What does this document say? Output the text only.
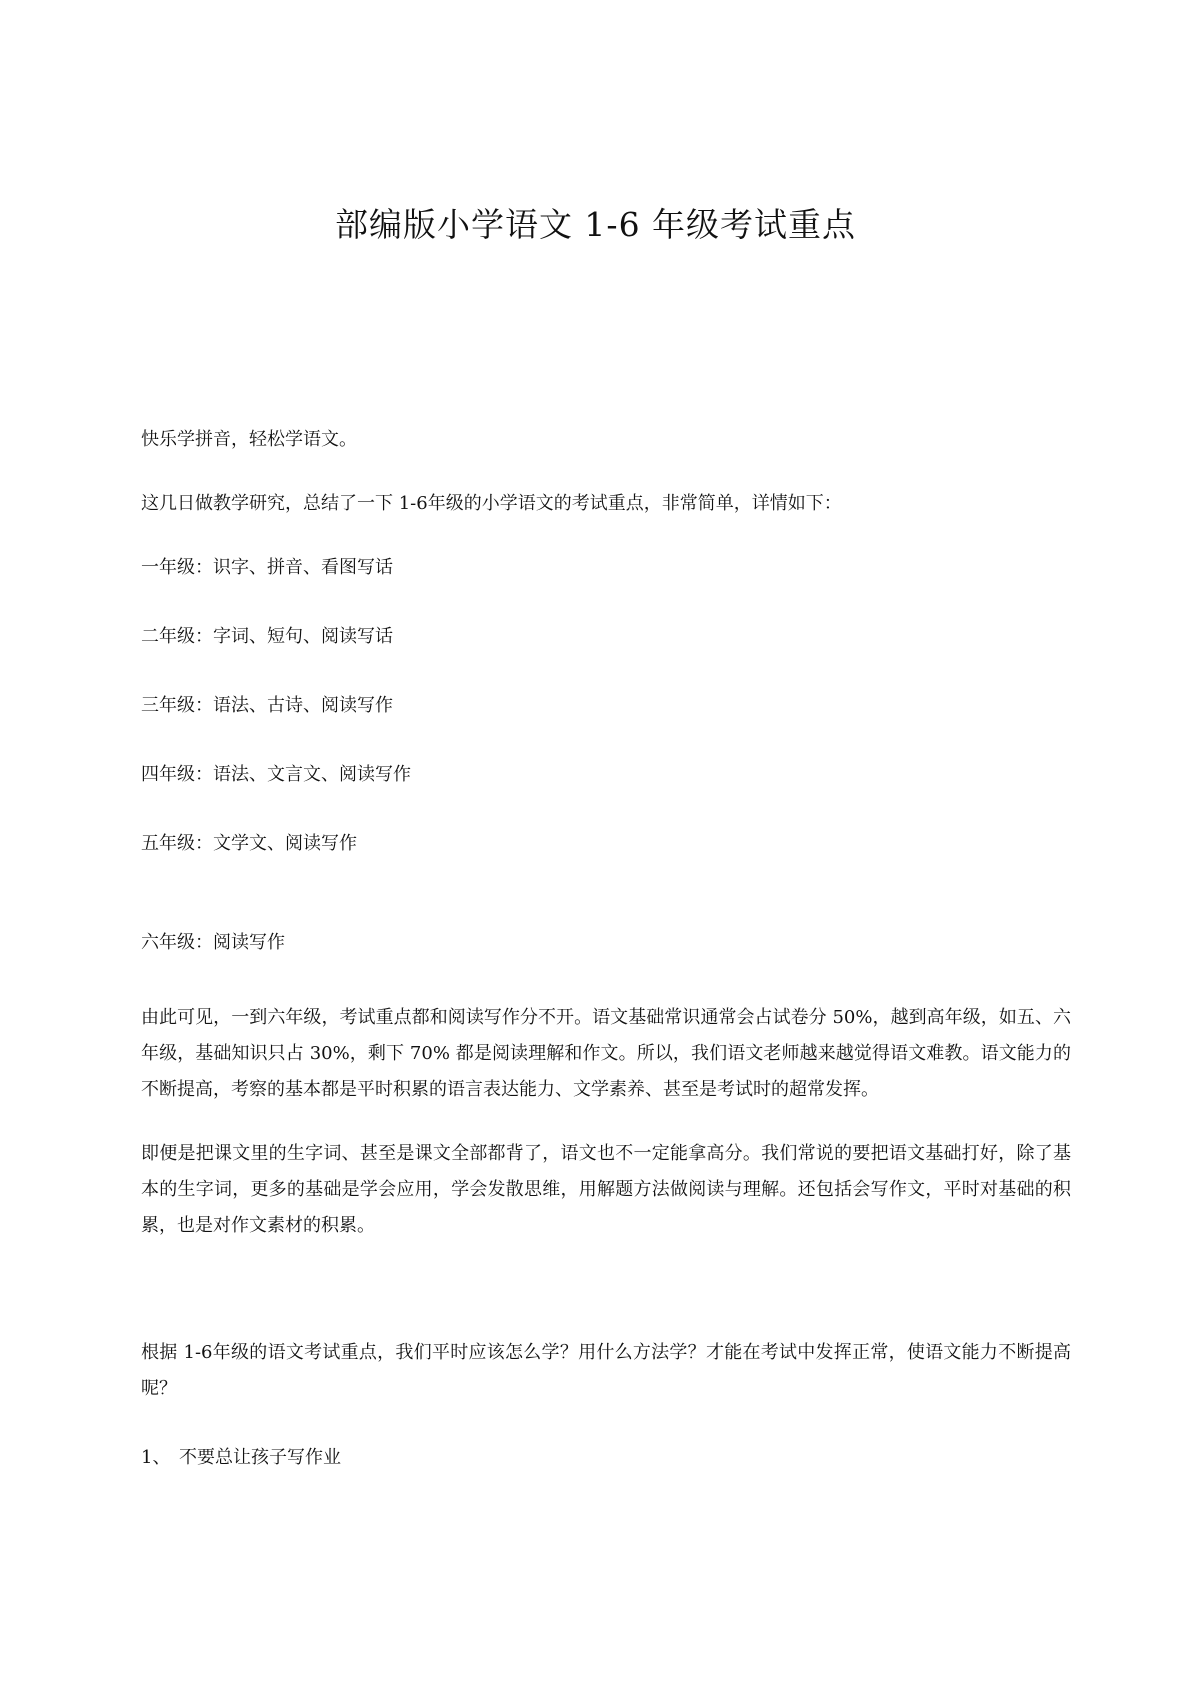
部编版小学语文 1-6 年级考试重点

快乐学拼音，轻松学语文。

这几日做教学研究，总结了一下 1-6年级的小学语文的考试重点，非常简单，详情如下：

一年级：识字、拼音、看图写话

二年级：字词、短句、阅读写话

三年级：语法、古诗、阅读写作

四年级：语法、文言文、阅读写作

五年级：文学文、阅读写作

六年级：阅读写作

由此可见，一到六年级，考试重点都和阅读写作分不开。语文基础常识通常会占试卷分 50%，越到高年级，如五、六年级，基础知识只占 30%，剩下 70% 都是阅读理解和作文。所以，我们语文老师越来越觉得语文难教。语文能力的不断提高，考察的基本都是平时积累的语言表达能力、文学素养、甚至是考试时的超常发挥。

即便是把课文里的生字词、甚至是课文全部都背了，语文也不一定能拿高分。我们常说的要把语文基础打好，除了基本的生字词，更多的基础是学会应用，学会发散思维，用解题方法做阅读与理解。还包括会写作文，平时对基础的积累，也是对作文素材的积累。

根据 1-6年级的语文考试重点，我们平时应该怎么学？用什么方法学？才能在考试中发挥正常，使语文能力不断提高呢？

1、 不要总让孩子写作业
